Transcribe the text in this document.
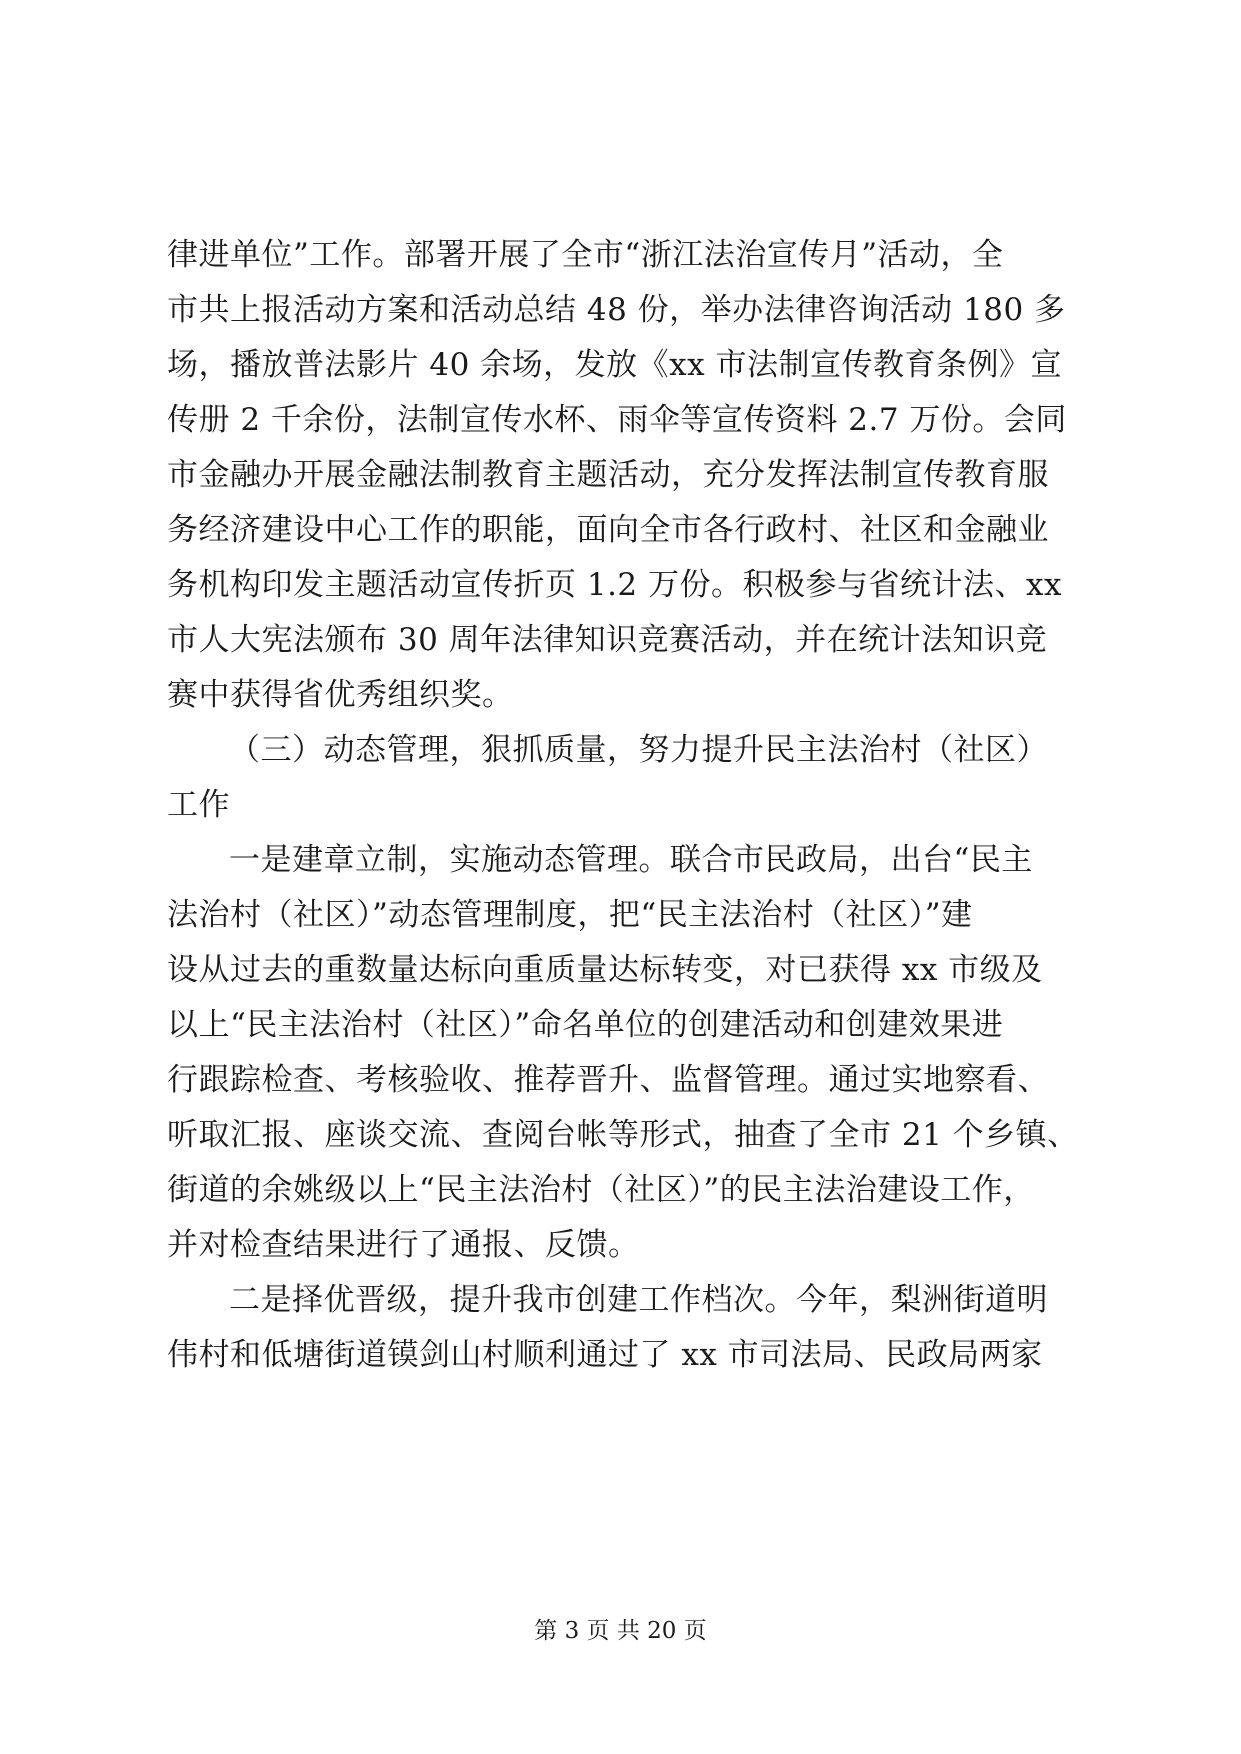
律进单位”工作。部署开展了全市“浙江法治宣传月”活动，全
市共上报活动方案和活动总结 48 份，举办法律咨询活动 180 多
场，播放普法影片 40 余场，发放《xx 市法制宣传教育条例》宣
传册 2 千余份，法制宣传水杯、雨伞等宣传资料 2.7 万份。会同
市金融办开展金融法制教育主题活动，充分发挥法制宣传教育服
务经济建设中心工作的职能，面向全市各行政村、社区和金融业
务机构印发主题活动宣传折页 1.2 万份。积极参与省统计法、xx
市人大宪法颁布 30 周年法律知识竞赛活动，并在统计法知识竞
赛中获得省优秀组织奖。
（三）动态管理，狠抓质量，努力提升民主法治村（社区）
工作
一是建章立制，实施动态管理。联合市民政局，出台“民主
法治村（社区）”动态管理制度，把“民主法治村（社区）”建
设从过去的重数量达标向重质量达标转变，对已获得 xx 市级及
以上“民主法治村（社区）”命名单位的创建活动和创建效果进
行跟踪检查、考核验收、推荐晋升、监督管理。通过实地察看、
听取汇报、座谈交流、查阅台帐等形式，抽查了全市 21 个乡镇、
街道的余姚级以上“民主法治村（社区）”的民主法治建设工作，
并对检查结果进行了通报、反馈。
二是择优晋级，提升我市创建工作档次。今年，梨洲街道明
伟村和低塘街道镆剑山村顺利通过了 xx 市司法局、民政局两家
第 3 页 共 20 页
